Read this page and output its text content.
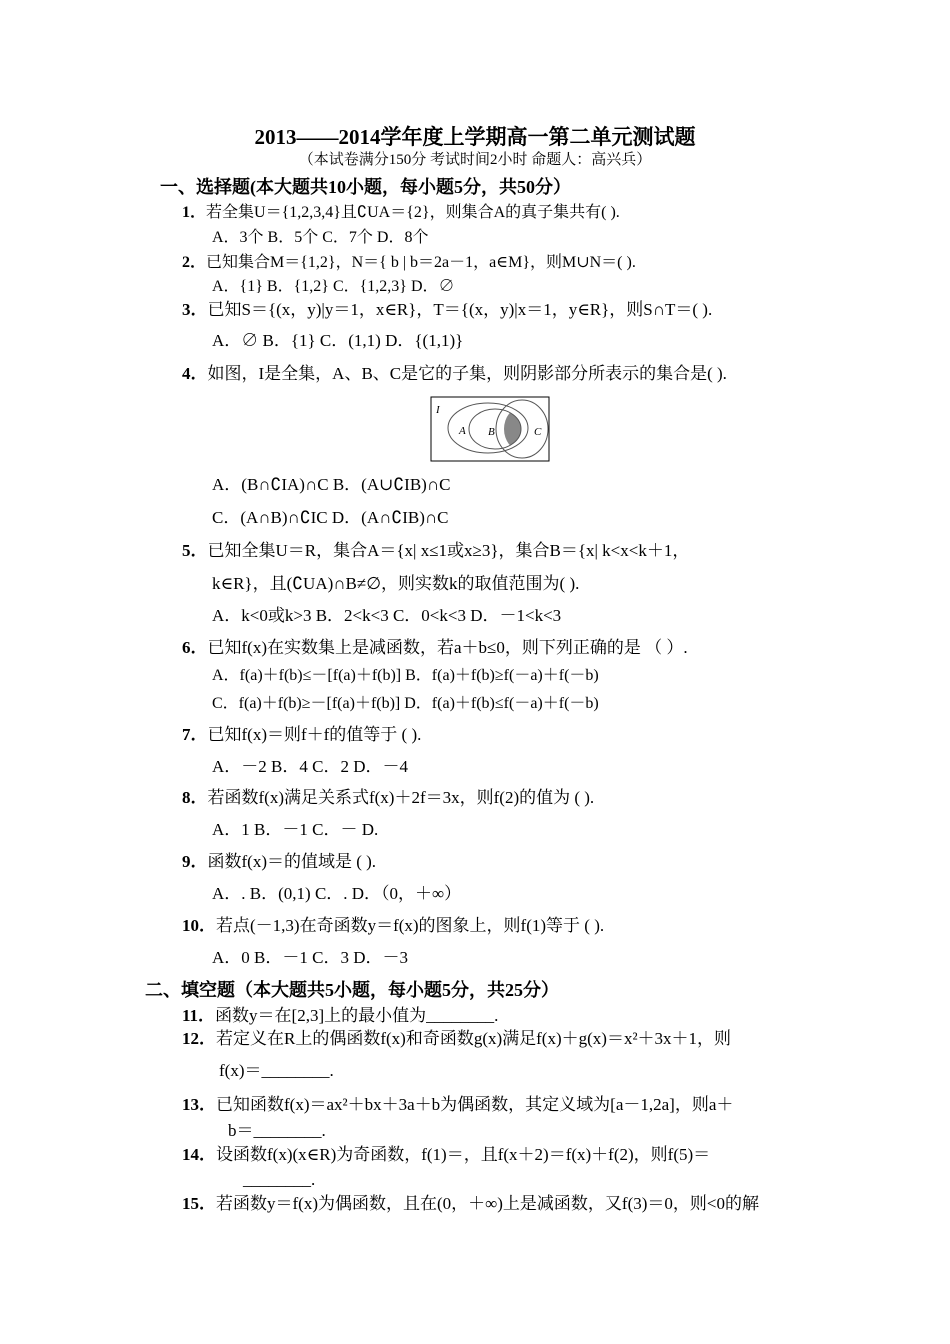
2013——2014学年度上学期高一第二单元测试题
（本试卷满分150分 考试时间2小时 命题人：高兴兵）
一、选择题(本大题共10小题，每小题5分，共50分）
1．若全集U＝{1,2,3,4}且∁UA＝{2}，则集合A的真子集共有( ).
A．3个 B．5个 C．7个 D．8个
2．已知集合M＝{1,2}，N＝{ b | b＝2a－1，a∈M}，则M∪N＝( ).
A．{1} B．{1,2} C．{1,2,3} D．∅
3．已知S＝{(x，y)|y＝1，x∈R}，T＝{(x，y)|x＝1，y∈R}，则S∩T＝( ).
A．∅ B．{1} C．(1,1) D．{(1,1)}
4．如图，I是全集，A、B、C是它的子集，则阴影部分所表示的集合是( ).
I
A B	C
A．(B∩∁IA)∩C B．(A∪∁IB)∩C
C．(A∩B)∩∁IC D．(A∩∁IB)∩C
5．已知全集U＝R，集合A＝{x| x≤1或x≥3}，集合B＝{x| k<x<k＋1，
k∈R}，且(∁UA)∩B≠∅，则实数k的取值范围为( ).
A．k<0或k>3 B．2<k<3 C．0<k<3 D．－1<k<3
6．已知f(x)在实数集上是减函数，若a＋b≤0，则下列正确的是 （ ）.
A．f(a)＋f(b)≤－[f(a)＋f(b)] B．f(a)＋f(b)≥f(－a)＋f(－b)
C．f(a)＋f(b)≥－[f(a)＋f(b)] D．f(a)＋f(b)≤f(－a)＋f(－b)
7．已知f(x)＝则f＋f的值等于 ( ).
A．－2 B．4 C．2 D．－4
8．若函数f(x)满足关系式f(x)＋2f＝3x，则f(2)的值为 ( ).
A．1 B．－1 C．－ D.
9．函数f(x)＝的值域是 ( ).
A．. B．(0,1) C．. D．（0，＋∞）
10．若点(－1,3)在奇函数y＝f(x)的图象上，则f(1)等于 ( ).
A．0 B．－1 C．3 D．－3
二、填空题（本大题共5小题，每小题5分，共25分）
11．函数y＝在[2,3]上的最小值为________.
12．若定义在R上的偶函数f(x)和奇函数g(x)满足f(x)＋g(x)＝x²＋3x＋1，则
f(x)＝________.
13．已知函数f(x)＝ax²＋bx＋3a＋b为偶函数，其定义域为[a－1,2a]，则a＋
b＝________.
14．设函数f(x)(x∈R)为奇函数，f(1)＝，且f(x＋2)＝f(x)＋f(2)，则f(5)＝
________.
15．若函数y＝f(x)为偶函数，且在(0，＋∞)上是减函数，又f(3)＝0，则<0的解
